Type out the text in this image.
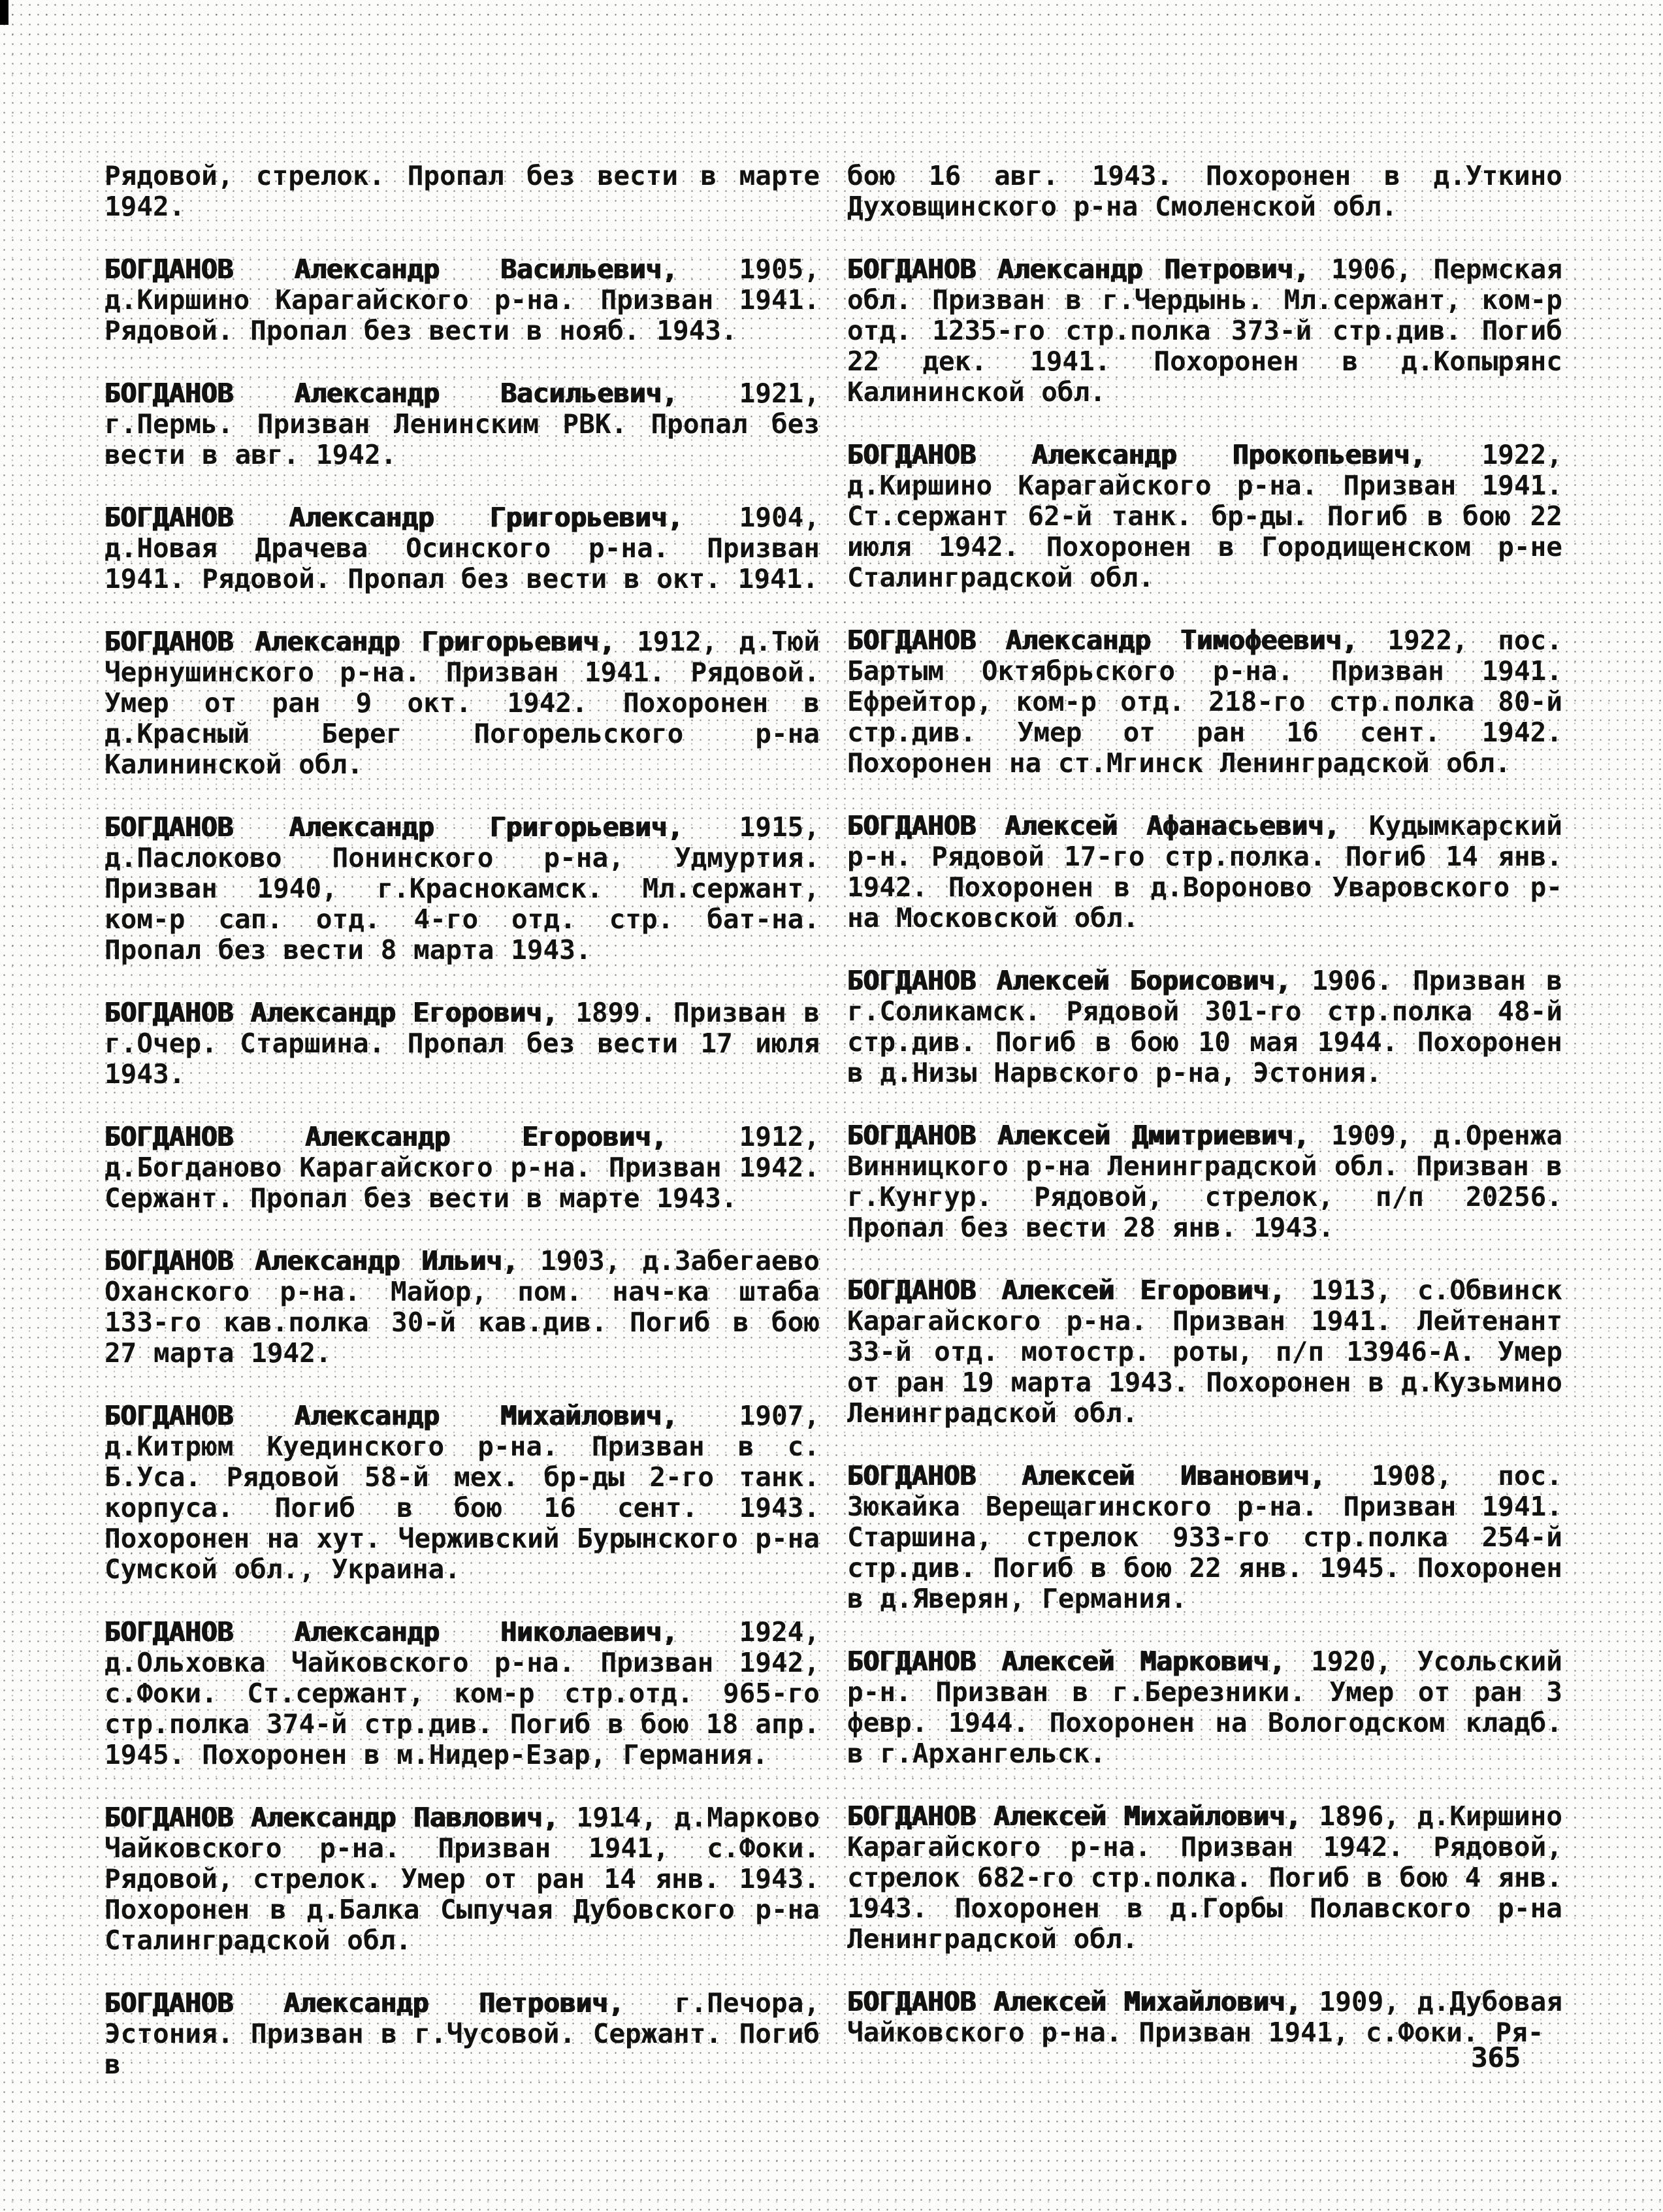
Рядовой, стрелок. Пропал без вести в марте 1942.

БОГДАНОВ Александр Васильевич, 1905, д.Киршино Карагайского р-на. Призван 1941. Рядовой. Пропал без вести в нояб. 1943.

БОГДАНОВ Александр Васильевич, 1921, г.Пермь. Призван Ленинским РВК. Пропал без вести в авг. 1942.

БОГДАНОВ Александр Григорьевич, 1904, д.Новая Драчева Осинского р-на. Призван 1941. Рядовой. Пропал без вести в окт. 1941.

БОГДАНОВ Александр Григорьевич, 1912, д.Тюй Чернушинского р-на. Призван 1941. Рядовой. Умер от ран 9 окт. 1942. Похоронен в д.Красный Берег Погорельского р-на Калининской обл.

БОГДАНОВ Александр Григорьевич, 1915, д.Паслоково Понинского р-на, Удмуртия. Призван 1940, г.Краснокамск. Мл.сержант, ком-р сап. отд. 4-го отд. стр. бат-на. Пропал без вести 8 марта 1943.

БОГДАНОВ Александр Егорович, 1899. Призван в г.Очер. Старшина. Пропал без вести 17 июля 1943.

БОГДАНОВ Александр Егорович, 1912, д.Богданово Карагайского р-на. Призван 1942. Сержант. Пропал без вести в марте 1943.

БОГДАНОВ Александр Ильич, 1903, д.Забегаево Оханского р-на. Майор, пом. нач-ка штаба 133-го кав.полка 30-й кав.див. Погиб в бою 27 марта 1942.

БОГДАНОВ Александр Михайлович, 1907, д.Китрюм Куединского р-на. Призван в с. Б.Уса. Рядовой 58-й мех. бр-ды 2-го танк. корпуса. Погиб в бою 16 сент. 1943. Похоронен на хут. Черживский Бурынского р-на Сумской обл., Украина.

БОГДАНОВ Александр Николаевич, 1924, д.Ольховка Чайковского р-на. Призван 1942, с.Фоки. Ст.сержант, ком-р стр.отд. 965-го стр.полка 374-й стр.див. Погиб в бою 18 апр. 1945. Похоронен в м.Нидер-Езар, Германия.

БОГДАНОВ Александр Павлович, 1914, д.Марково Чайковского р-на. Призван 1941, с.Фоки. Рядовой, стрелок. Умер от ран 14 янв. 1943. Похоронен в д.Балка Сыпучая Дубовского р-на Сталинградской обл.

БОГДАНОВ Александр Петрович, г.Печора, Эстония. Призван в г.Чусовой. Сержант. Погиб в

бою 16 авг. 1943. Похоронен в д.Уткино Духовщинского р-на Смоленской обл.

БОГДАНОВ Александр Петрович, 1906, Пермская обл. Призван в г.Чердынь. Мл.сержант, ком-р отд. 1235-го стр.полка 373-й стр.див. Погиб 22 дек. 1941. Похоронен в д.Копырянс Калининской обл.

БОГДАНОВ Александр Прокопьевич, 1922, д.Киршино Карагайского р-на. Призван 1941. Ст.сержант 62-й танк. бр-ды. Погиб в бою 22 июля 1942. Похоронен в Городищенском р-не Сталинградской обл.

БОГДАНОВ Александр Тимофеевич, 1922, пос. Бартым Октябрьского р-на. Призван 1941. Ефрейтор, ком-р отд. 218-го стр.полка 80-й стр.див. Умер от ран 16 сент. 1942. Похоронен на ст.Мгинск Ленинградской обл.

БОГДАНОВ Алексей Афанасьевич, Кудымкарский р-н. Рядовой 17-го стр.полка. Погиб 14 янв. 1942. Похоронен в д.Вороново Уваровского р-на Московской обл.

БОГДАНОВ Алексей Борисович, 1906. Призван в г.Соликамск. Рядовой 301-го стр.полка 48-й стр.див. Погиб в бою 10 мая 1944. Похоронен в д.Низы Нарвского р-на, Эстония.

БОГДАНОВ Алексей Дмитриевич, 1909, д.Оренжа Винницкого р-на Ленинградской обл. Призван в г.Кунгур. Рядовой, стрелок, п/п 20256. Пропал без вести 28 янв. 1943.

БОГДАНОВ Алексей Егорович, 1913, с.Обвинск Карагайского р-на. Призван 1941. Лейтенант 33-й отд. мотостр. роты, п/п 13946-А. Умер от ран 19 марта 1943. Похоронен в д.Кузьмино Ленинградской обл.

БОГДАНОВ Алексей Иванович, 1908, пос. Зюкайка Верещагинского р-на. Призван 1941. Старшина, стрелок 933-го стр.полка 254-й стр.див. Погиб в бою 22 янв. 1945. Похоронен в д.Яверян, Германия.

БОГДАНОВ Алексей Маркович, 1920, Усольский р-н. Призван в г.Березники. Умер от ран 3 февр. 1944. Похоронен на Вологодском кладб. в г.Архангельск.

БОГДАНОВ Алексей Михайлович, 1896, д.Киршино Карагайского р-на. Призван 1942. Рядовой, стрелок 682-го стр.полка. Погиб в бою 4 янв. 1943. Похоронен в д.Горбы Полавского р-на Ленинградской обл.

БОГДАНОВ Алексей Михайлович, 1909, д.Дубовая Чайковского р-на. Призван 1941, с.Фоки. Ря-

365
